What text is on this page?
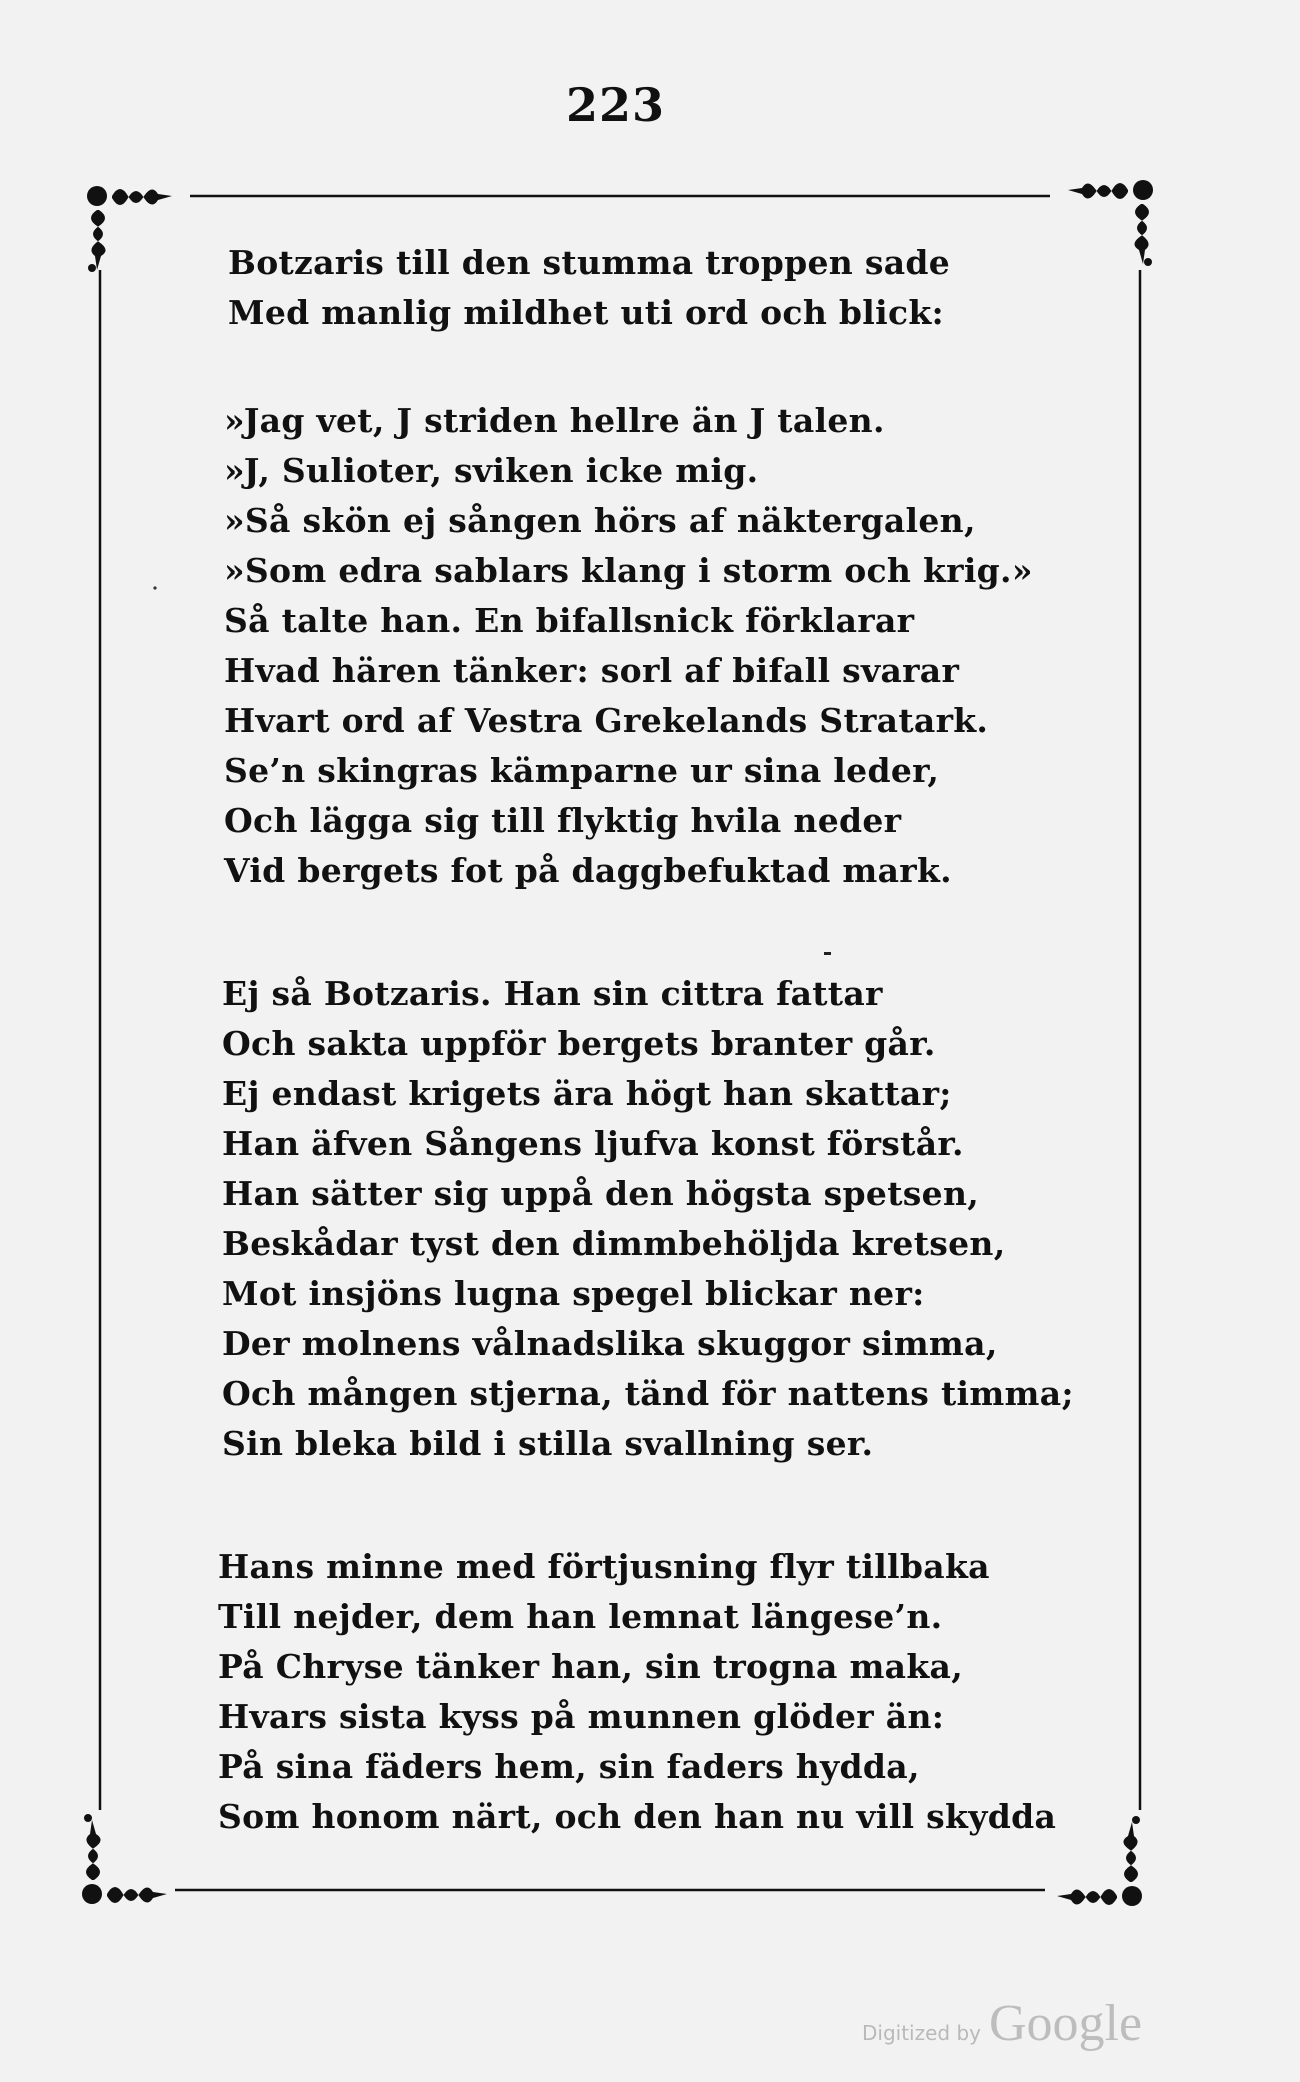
223
Botzaris till den stumma troppen sade
Med manlig mildhet uti ord och blick:
»Jag vet, J striden hellre än J talen.
»J, Sulioter, sviken icke mig.
»Så skön ej sången hörs af näktergalen,
»Som edra sablars klang i storm och krig.»
Så talte han. En bifallsnick förklarar
Hvad hären tänker: sorl af bifall svarar
Hvart ord af Vestra Grekelands Stratark.
Se’n skingras kämparne ur sina leder,
Och lägga sig till flyktig hvila neder
Vid bergets fot på daggbefuktad mark.
Ej så Botzaris. Han sin cittra fattar
Och sakta uppför bergets branter går.
Ej endast krigets ära högt han skattar;
Han äfven Sångens ljufva konst förstår.
Han sätter sig uppå den högsta spetsen,
Beskådar tyst den dimmbehöljda kretsen,
Mot insjöns lugna spegel blickar ner:
Der molnens vålnadslika skuggor simma,
Och mången stjerna, tänd för nattens timma;
Sin bleka bild i stilla svallning ser.
Hans minne med förtjusning flyr tillbaka
Till nejder, dem han lemnat längese’n.
På Chryse tänker han, sin trogna maka,
Hvars sista kyss på munnen glöder än:
På sina fäders hem, sin faders hydda,
Som honom närt, och den han nu vill skydda
Digitized by Google
